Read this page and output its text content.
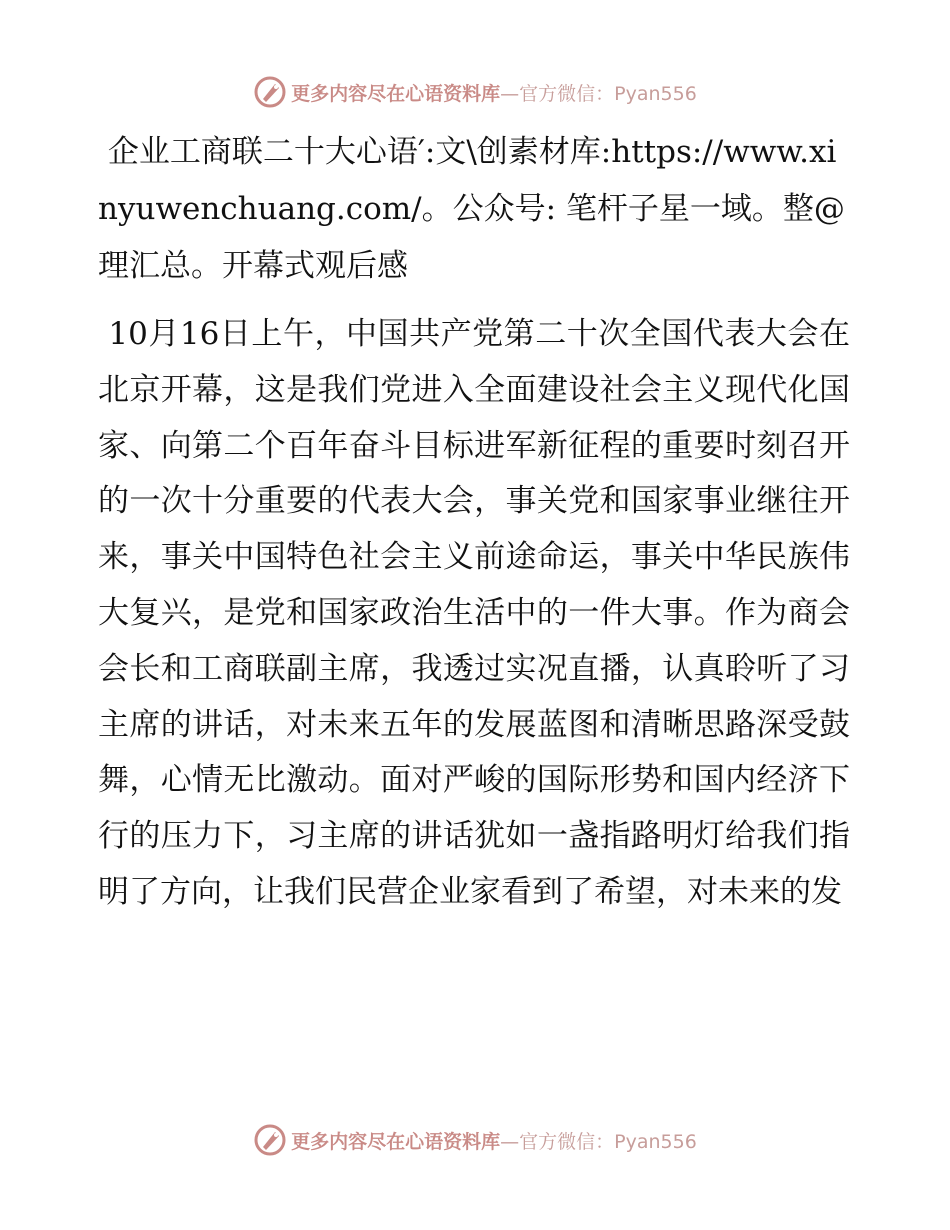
更多内容尽在心语资料库—官方微信：Pyan556
企业工商联二十大心语′:文\创素材库:https://www.xinyuwenchuang.com/。公众号: 笔杆子星一域。整@理汇总。开幕式观后感

10月16日上午，中国共产党第二十次全国代表大会在北京开幕，这是我们党进入全面建设社会主义现代化国家、向第二个百年奋斗目标进军新征程的重要时刻召开的一次十分重要的代表大会，事关党和国家事业继往开来，事关中国特色社会主义前途命运，事关中华民族伟大复兴，是党和国家政治生活中的一件大事。作为商会会长和工商联副主席，我透过实况直播，认真聆听了习主席的讲话，对未来五年的发展蓝图和清晰思路深受鼓舞，心情无比激动。面对严峻的国际形势和国内经济下行的压力下，习主席的讲话犹如一盏指路明灯给我们指明了方向，让我们民营企业家看到了希望，对未来的发

更多内容尽在心语资料库—官方微信：Pyan556
